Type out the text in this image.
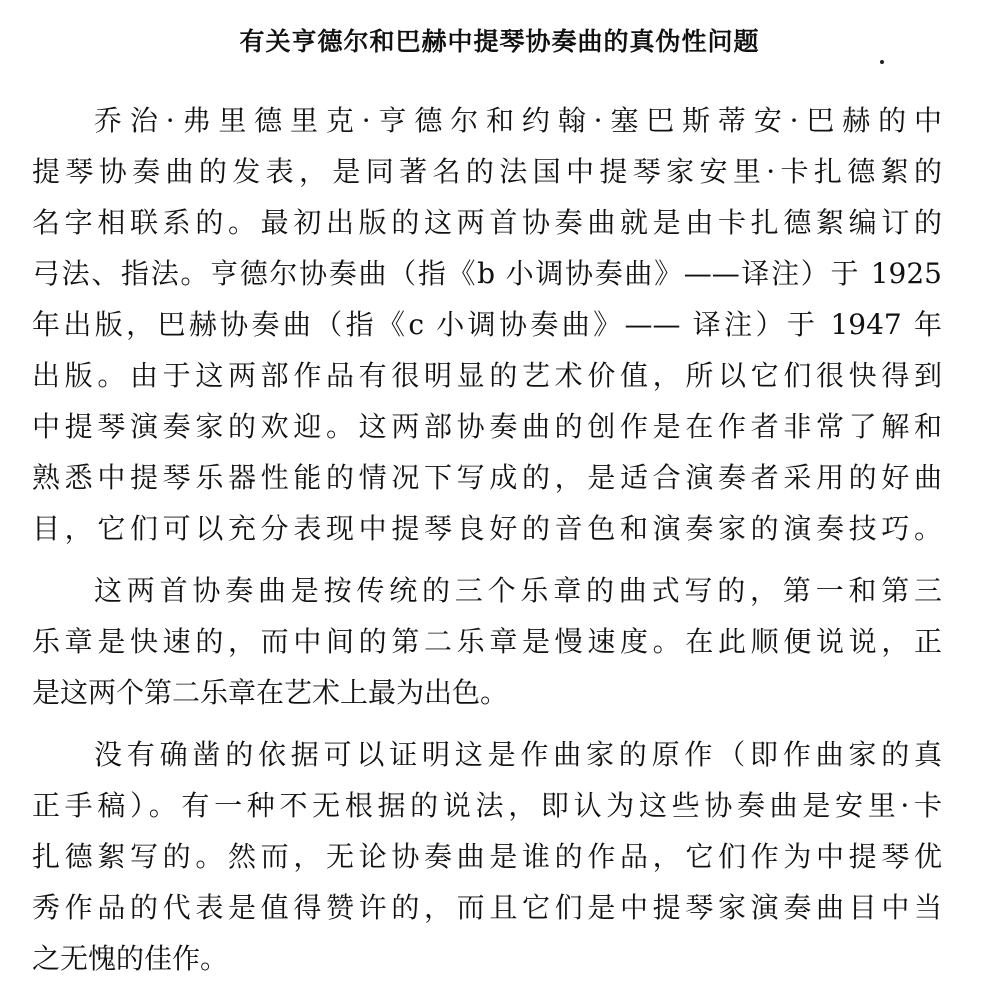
有关亨德尔和巴赫中提琴协奏曲的真伪性问题
乔治·弗里德里克·亨德尔和约翰·塞巴斯蒂安·巴赫的中
提琴协奏曲的发表，是同著名的法国中提琴家安里·卡扎德絮的
名字相联系的。最初出版的这两首协奏曲就是由卡扎德絮编订的
弓法、指法。亨德尔协奏曲（指《b 小调协奏曲》——译注）于 1925
年出版，巴赫协奏曲（指《c 小调协奏曲》—— 译注）于 1947 年
出版。由于这两部作品有很明显的艺术价值，所以它们很快得到
中提琴演奏家的欢迎。这两部协奏曲的创作是在作者非常了解和
熟悉中提琴乐器性能的情况下写成的，是适合演奏者采用的好曲
目，它们可以充分表现中提琴良好的音色和演奏家的演奏技巧。
这两首协奏曲是按传统的三个乐章的曲式写的，第一和第三
乐章是快速的，而中间的第二乐章是慢速度。在此顺便说说，正
是这两个第二乐章在艺术上最为出色。
没有确凿的依据可以证明这是作曲家的原作（即作曲家的真
正手稿）。有一种不无根据的说法，即认为这些协奏曲是安里·卡
扎德絮写的。然而，无论协奏曲是谁的作品，它们作为中提琴优
秀作品的代表是值得赞许的，而且它们是中提琴家演奏曲目中当
之无愧的佳作。
